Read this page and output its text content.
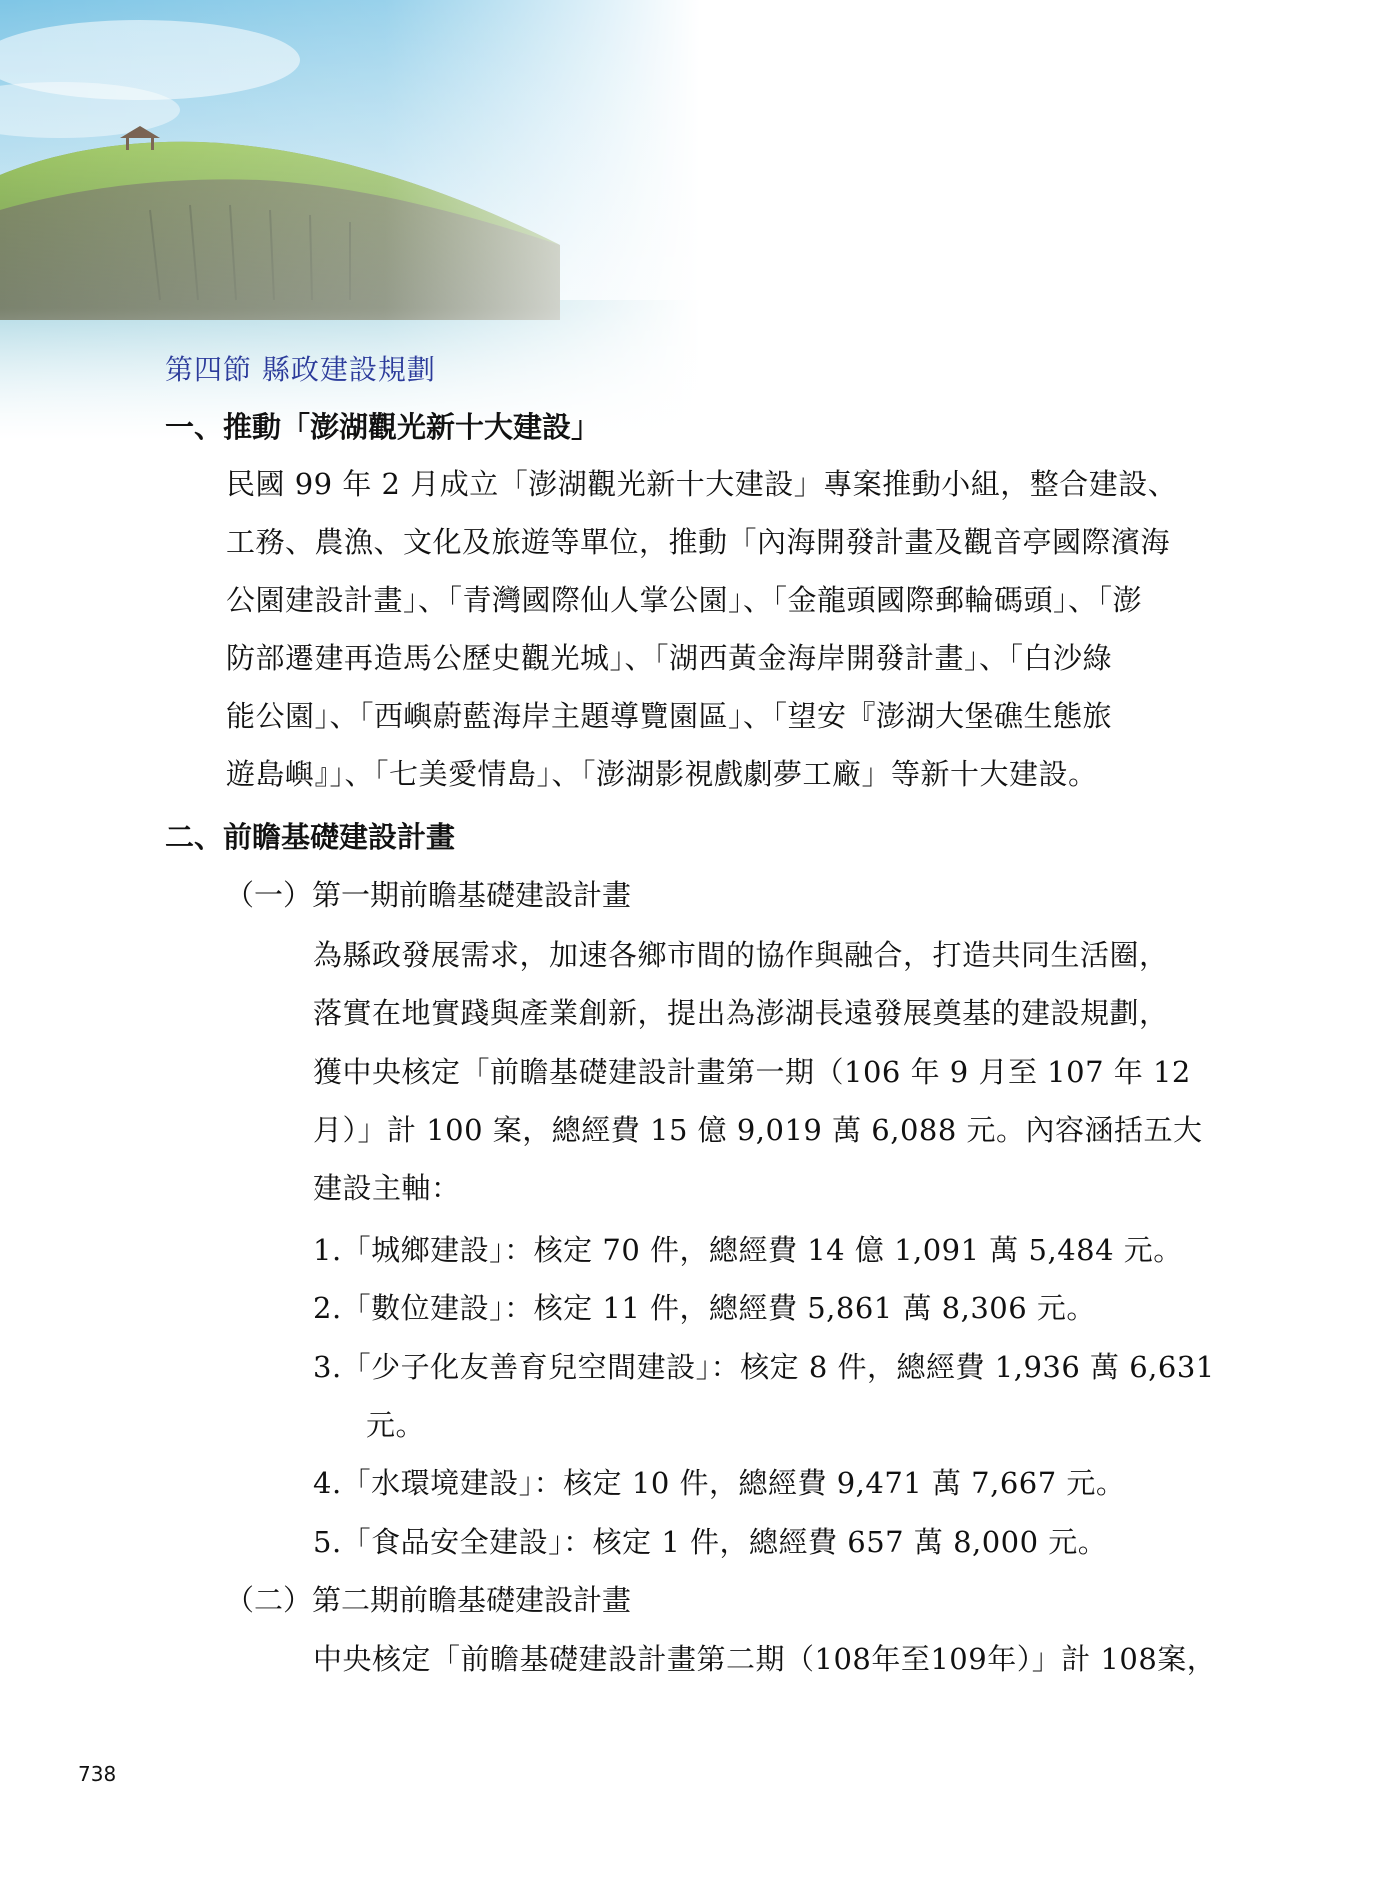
第四節 縣政建設規劃
一、推動「澎湖觀光新十大建設」
民國 99 年 2 月成立「澎湖觀光新十大建設」專案推動小組，整合建設、
工務、農漁、文化及旅遊等單位，推動「內海開發計畫及觀音亭國際濱海
公園建設計畫」、「青灣國際仙人掌公園」、「金龍頭國際郵輪碼頭」、「澎
防部遷建再造馬公歷史觀光城」、「湖西黃金海岸開發計畫」、「白沙綠
能公園」、「西嶼蔚藍海岸主題導覽園區」、「望安『澎湖大堡礁生態旅
遊島嶼』」、「七美愛情島」、「澎湖影視戲劇夢工廠」等新十大建設。
二、前瞻基礎建設計畫
（一）第一期前瞻基礎建設計畫
為縣政發展需求，加速各鄉市間的協作與融合，打造共同生活圈，
落實在地實踐與產業創新，提出為澎湖長遠發展奠基的建設規劃，
獲中央核定「前瞻基礎建設計畫第一期（106 年 9 月至 107 年 12
月）」計 100 案，總經費 15 億 9,019 萬 6,088 元。內容涵括五大
建設主軸：
1.「城鄉建設」：核定 70 件，總經費 14 億 1,091 萬 5,484 元。
2.「數位建設」：核定 11 件，總經費 5,861 萬 8,306 元。
3.「少子化友善育兒空間建設」：核定 8 件，總經費 1,936 萬 6,631
元。
4.「水環境建設」：核定 10 件，總經費 9,471 萬 7,667 元。
5.「食品安全建設」：核定 1 件，總經費 657 萬 8,000 元。
（二）第二期前瞻基礎建設計畫
中央核定「前瞻基礎建設計畫第二期（108年至109年）」計 108案，
738
